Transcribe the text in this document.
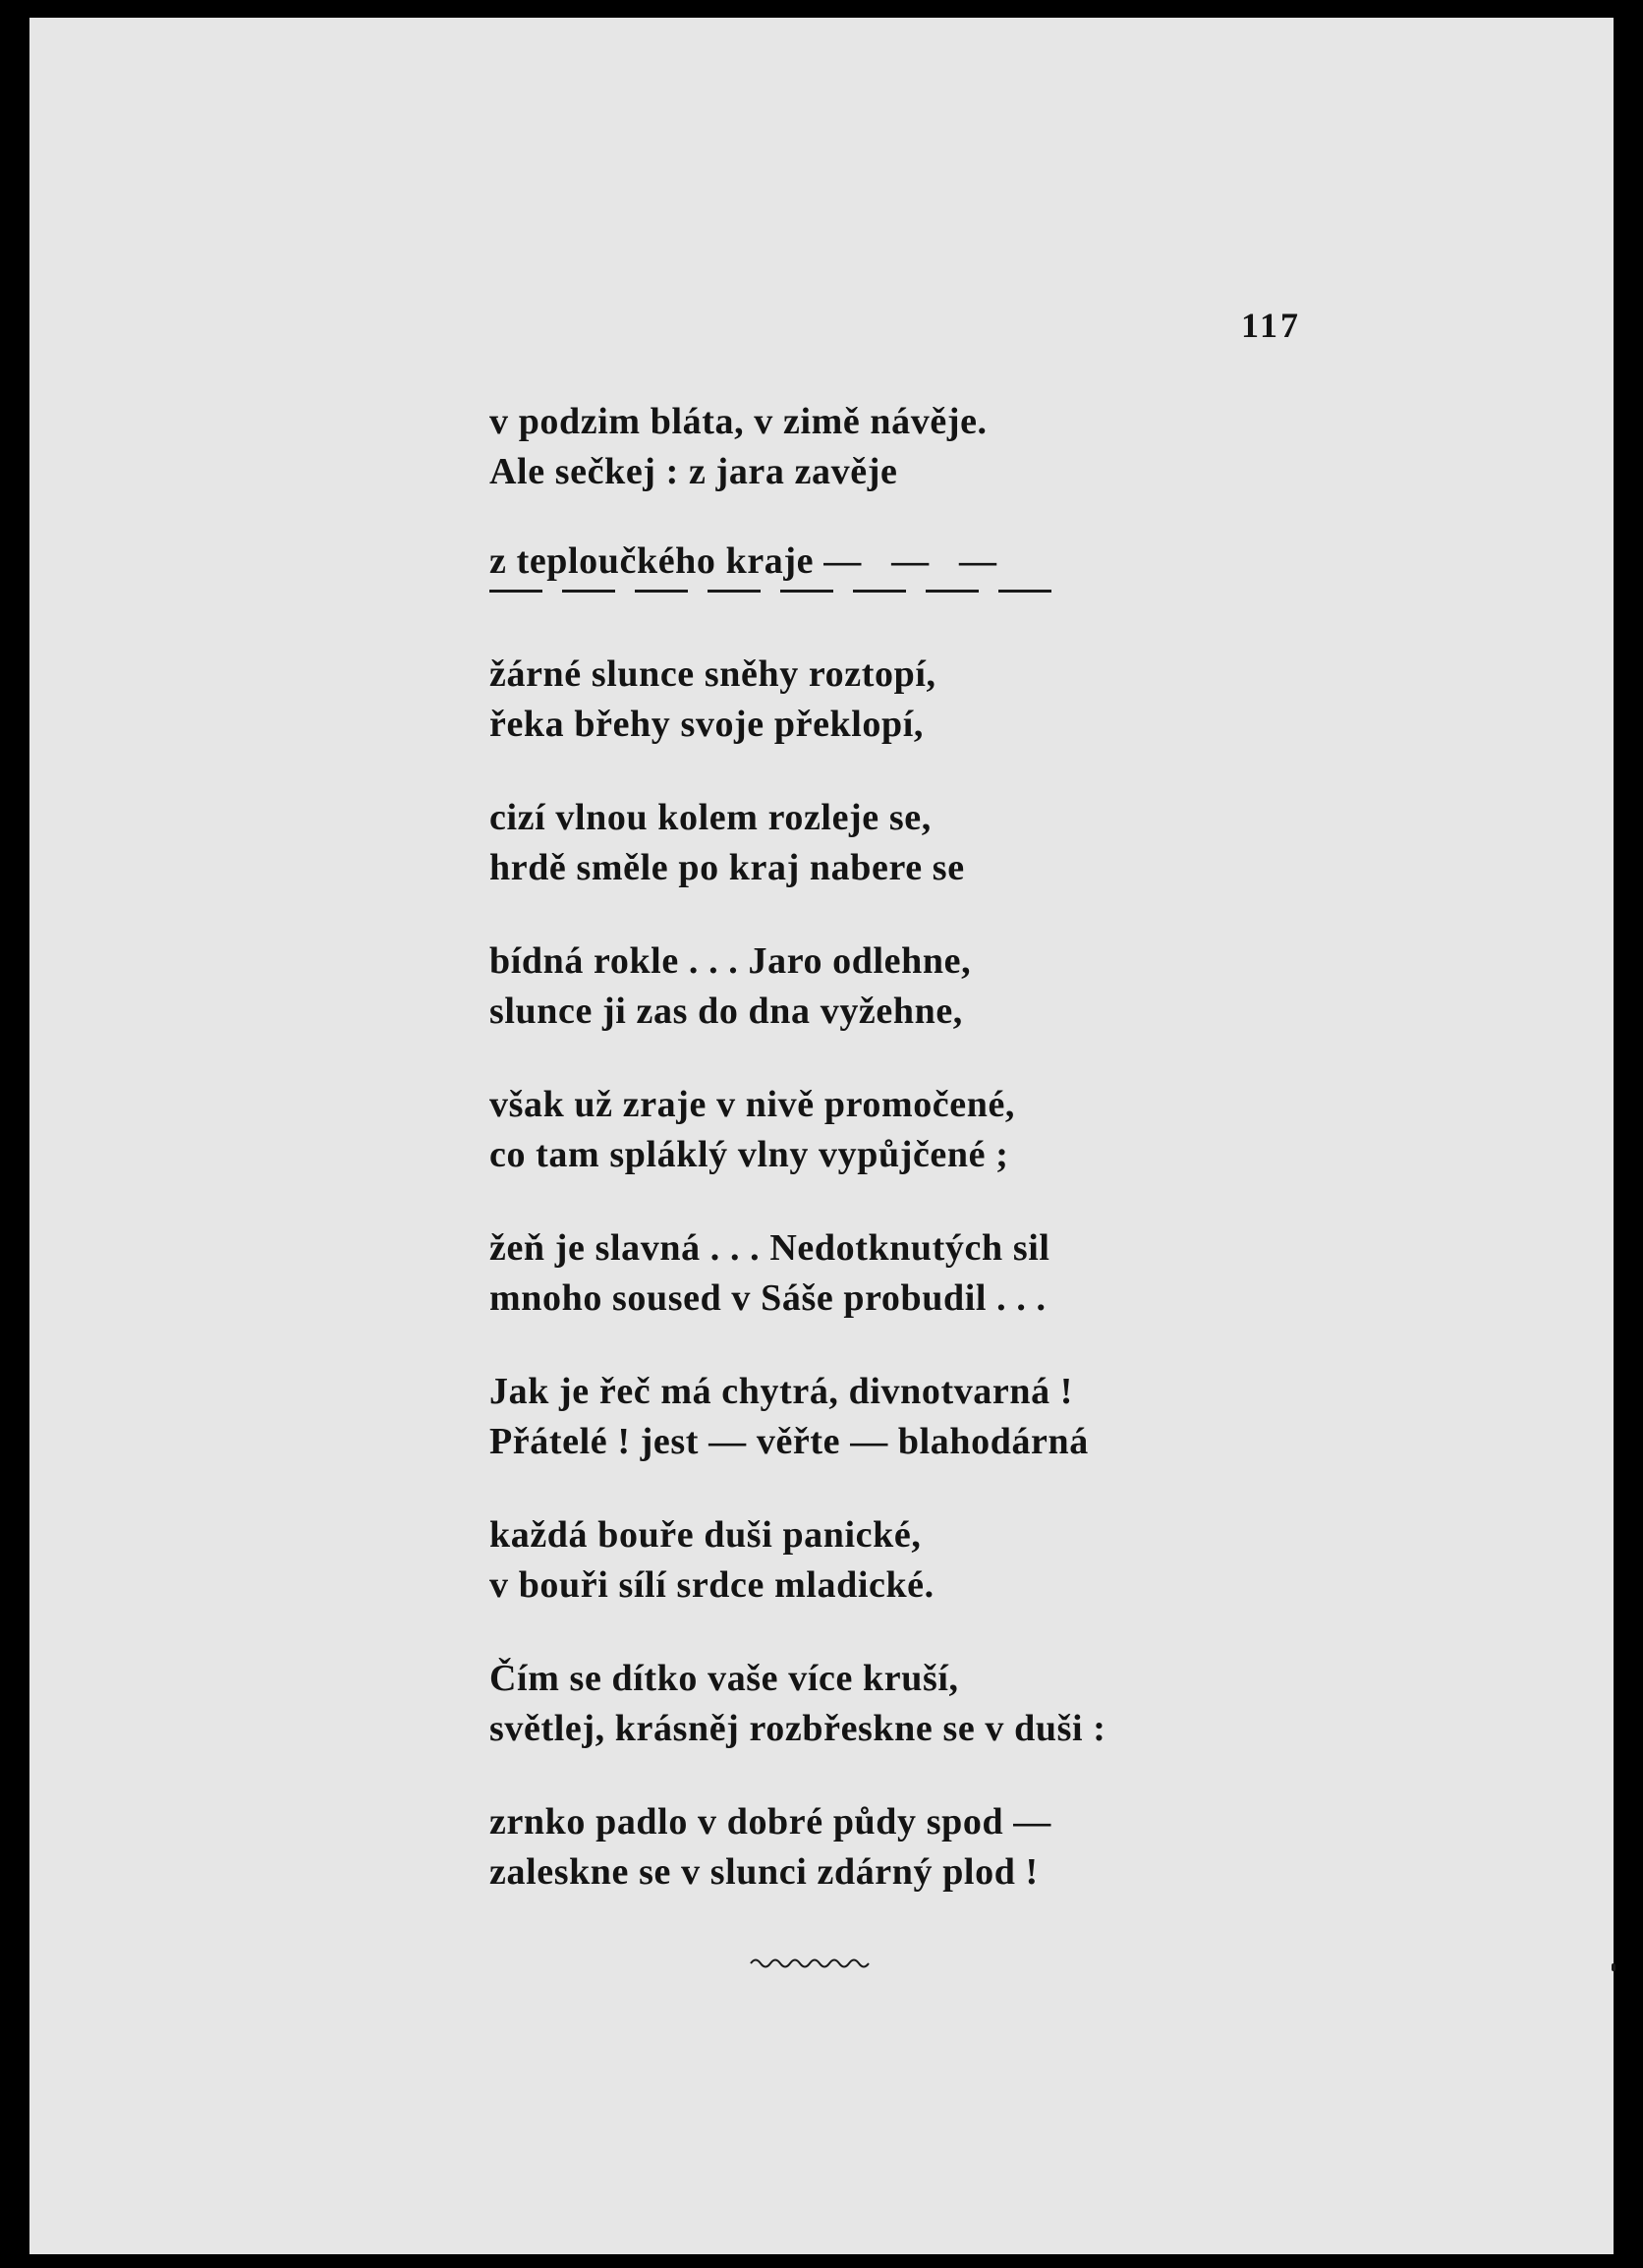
117
v podzim bláta, v zimě návěje.
Ale sečkej : z jara zavěje
z teploučkého kraje —   —   —
žárné slunce sněhy roztopí,
řeka břehy svoje překlopí,
cizí vlnou kolem rozleje se,
hrdě směle po kraj nabere se
bídná rokle . . . Jaro odlehne,
slunce ji zas do dna vyžehne,
však už zraje v nivě promočené,
co tam spláklý vlny vypůjčené ;
žeň je slavná . . . Nedotknutých sil
mnoho soused v Sáše probudil . . .
Jak je řeč má chytrá, divnotvarná !
Přátelé ! jest — věřte — blahodárná
každá bouře duši panické,
v bouři sílí srdce mladické.
Čím se dítko vaše více kruší,
světlej, krásněj rozbřeskne se v duši :
zrnko padlo v dobré půdy spod —
zaleskne se v slunci zdárný plod !
